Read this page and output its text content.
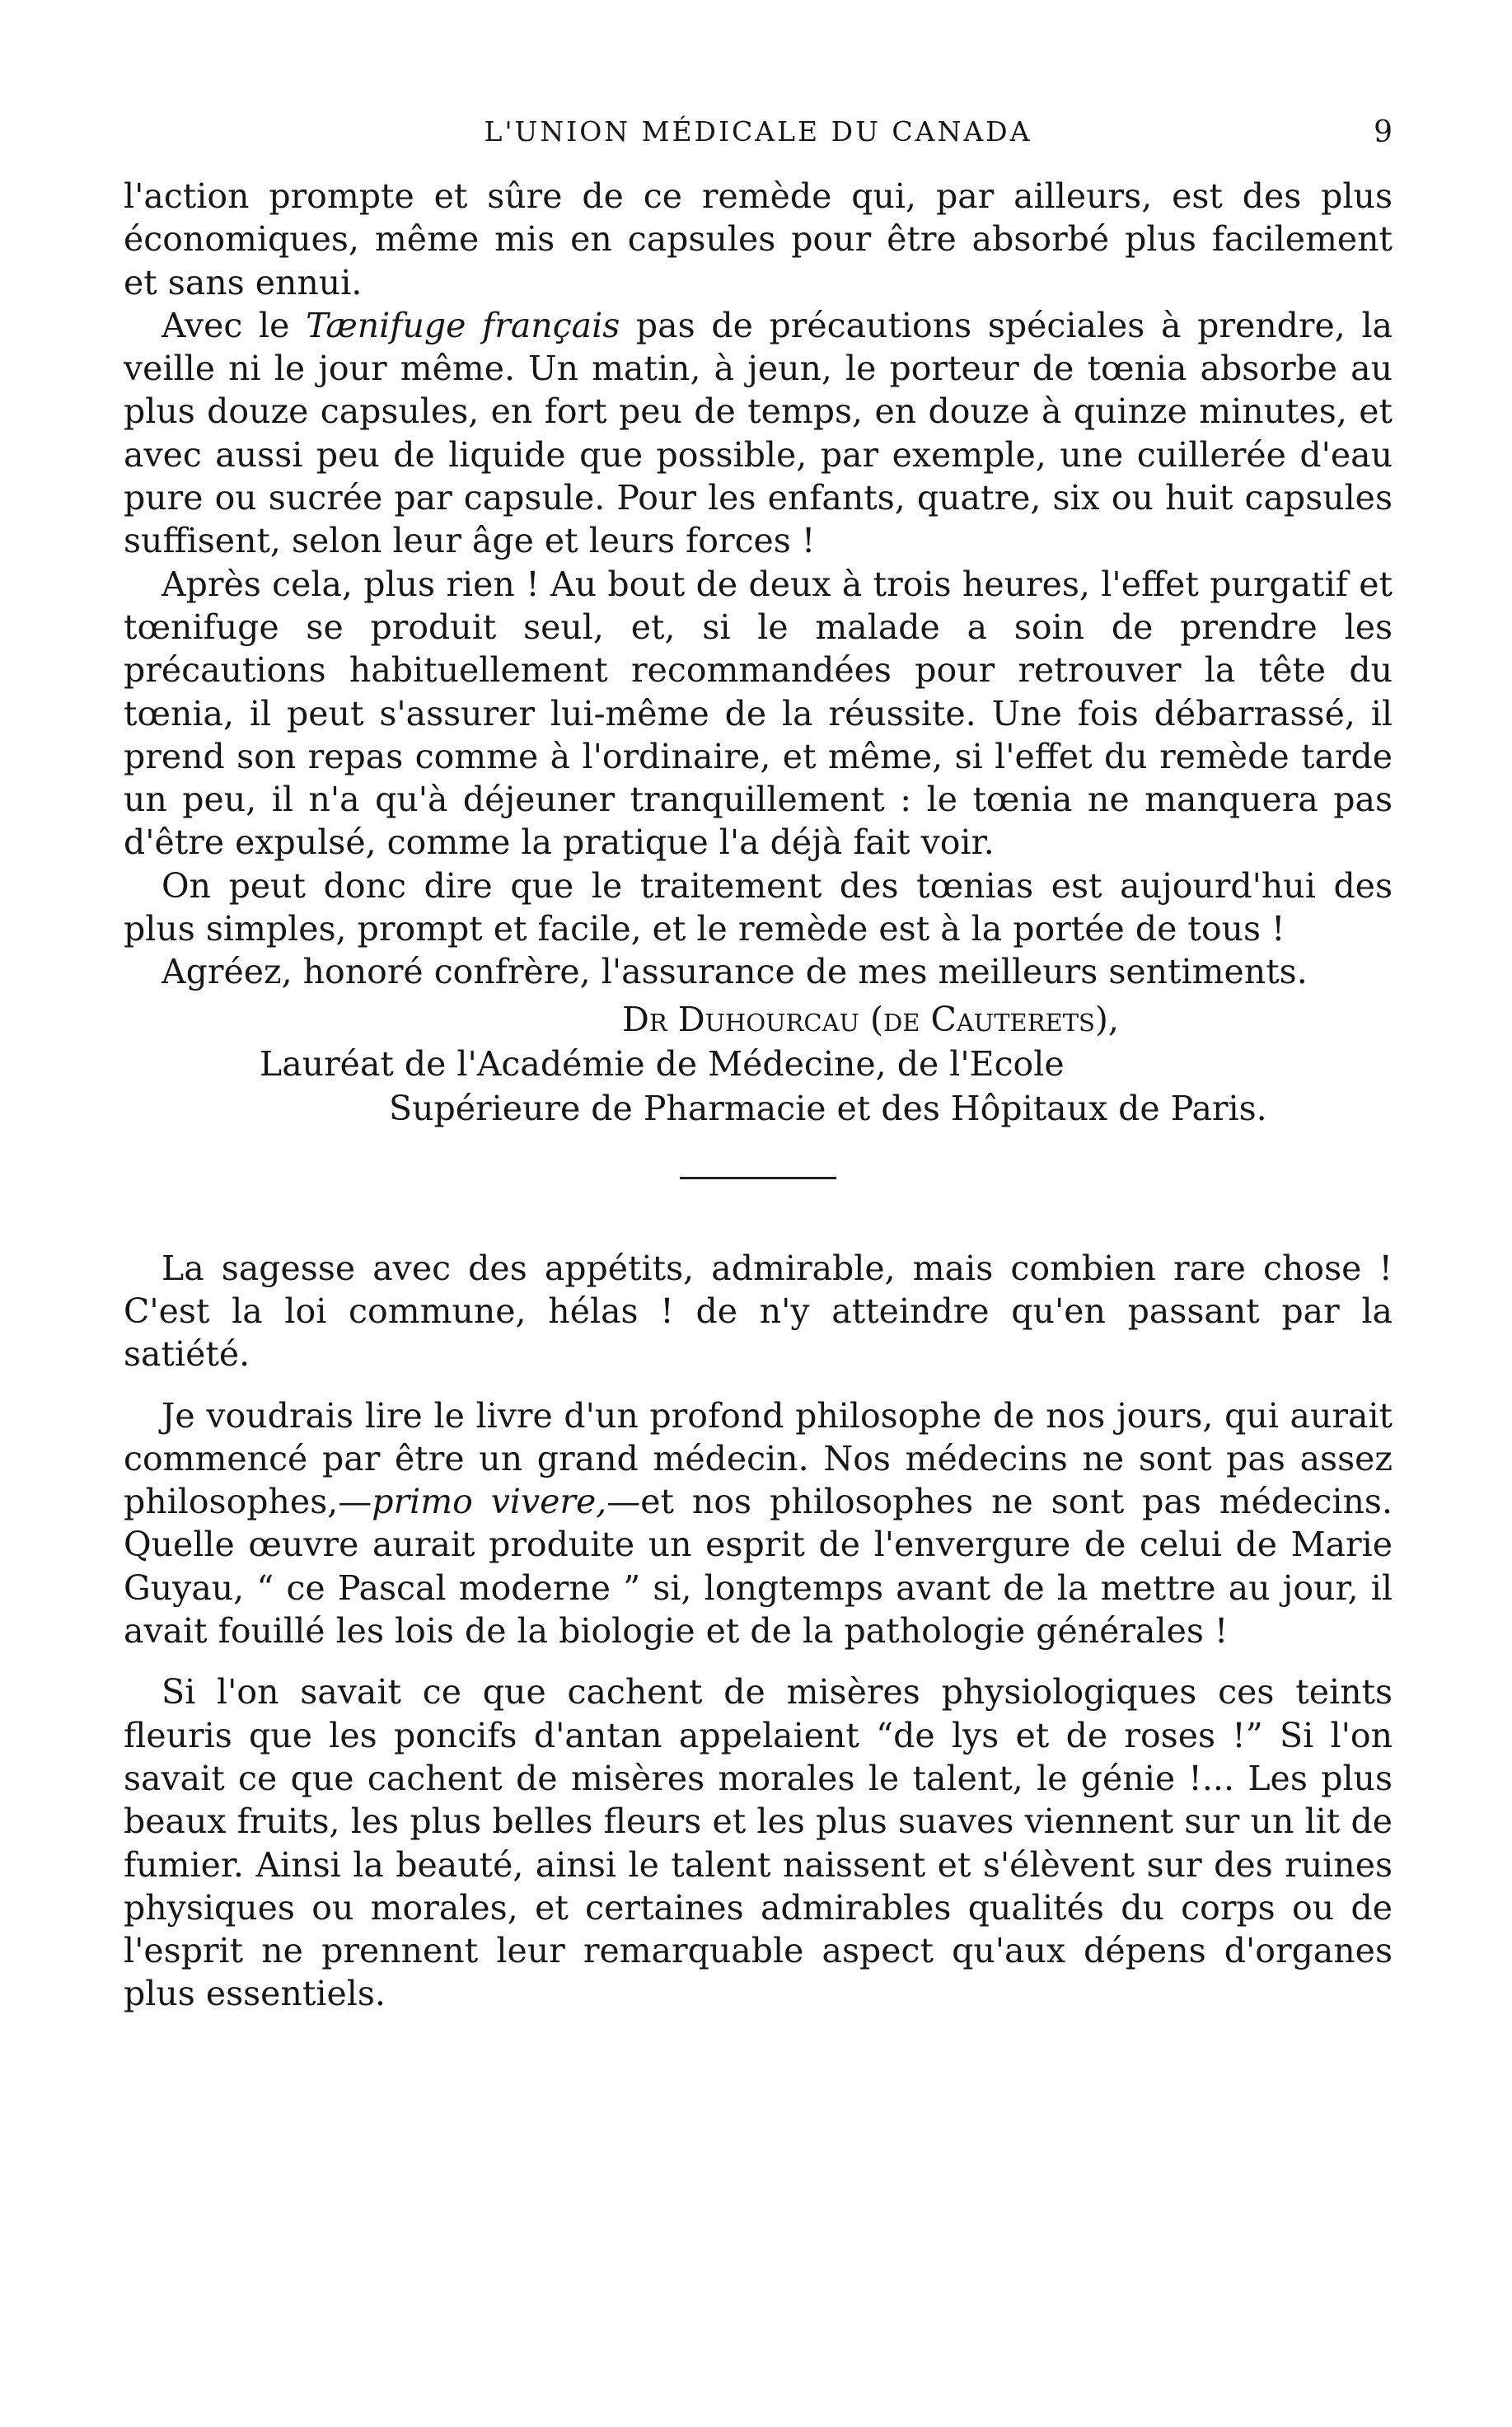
L'UNION MÉDICALE DU CANADA	9

l'action prompte et sûre de ce remède qui, par ailleurs, est des plus économiques, même mis en capsules pour être absorbé plus facilement et sans ennui.

Avec le Tænifuge français pas de précautions spéciales à prendre, la veille ni le jour même. Un matin, à jeun, le porteur de tœnia absorbe au plus douze capsules, en fort peu de temps, en douze à quinze minutes, et avec aussi peu de liquide que possible, par exemple, une cuillerée d'eau pure ou sucrée par capsule. Pour les enfants, quatre, six ou huit capsules suffisent, selon leur âge et leurs forces !

Après cela, plus rien ! Au bout de deux à trois heures, l'effet purgatif et tœnifuge se produit seul, et, si le malade a soin de prendre les précautions habituellement recommandées pour retrouver la tête du tœnia, il peut s'assurer lui-même de la réussite. Une fois débarrassé, il prend son repas comme à l'ordinaire, et même, si l'effet du remède tarde un peu, il n'a qu'à déjeuner tranquillement : le tœnia ne manquera pas d'être expulsé, comme la pratique l'a déjà fait voir.

On peut donc dire que le traitement des tœnias est aujourd'hui des plus simples, prompt et facile, et le remède est à la portée de tous !

Agréez, honoré confrère, l'assurance de mes meilleurs sentiments.

Dr Duhourcau (de Cauterets),
Lauréat de l'Académie de Médecine, de l'Ecole
Supérieure de Pharmacie et des Hôpitaux de Paris.

La sagesse avec des appétits, admirable, mais combien rare chose ! C'est la loi commune, hélas ! de n'y atteindre qu'en passant par la satiété.

Je voudrais lire le livre d'un profond philosophe de nos jours, qui aurait commencé par être un grand médecin. Nos médecins ne sont pas assez philosophes,—primo vivere,—et nos philosophes ne sont pas médecins. Quelle œuvre aurait produite un esprit de l'envergure de celui de Marie Guyau, “ ce Pascal moderne ” si, longtemps avant de la mettre au jour, il avait fouillé les lois de la biologie et de la pathologie générales !

Si l'on savait ce que cachent de misères physiologiques ces teints fleuris que les poncifs d'antan appelaient “de lys et de roses !” Si l'on savait ce que cachent de misères morales le talent, le génie !... Les plus beaux fruits, les plus belles fleurs et les plus suaves viennent sur un lit de fumier. Ainsi la beauté, ainsi le talent naissent et s'élèvent sur des ruines physiques ou morales, et certaines admirables qualités du corps ou de l'esprit ne prennent leur remarquable aspect qu'aux dépens d'organes plus essentiels.
